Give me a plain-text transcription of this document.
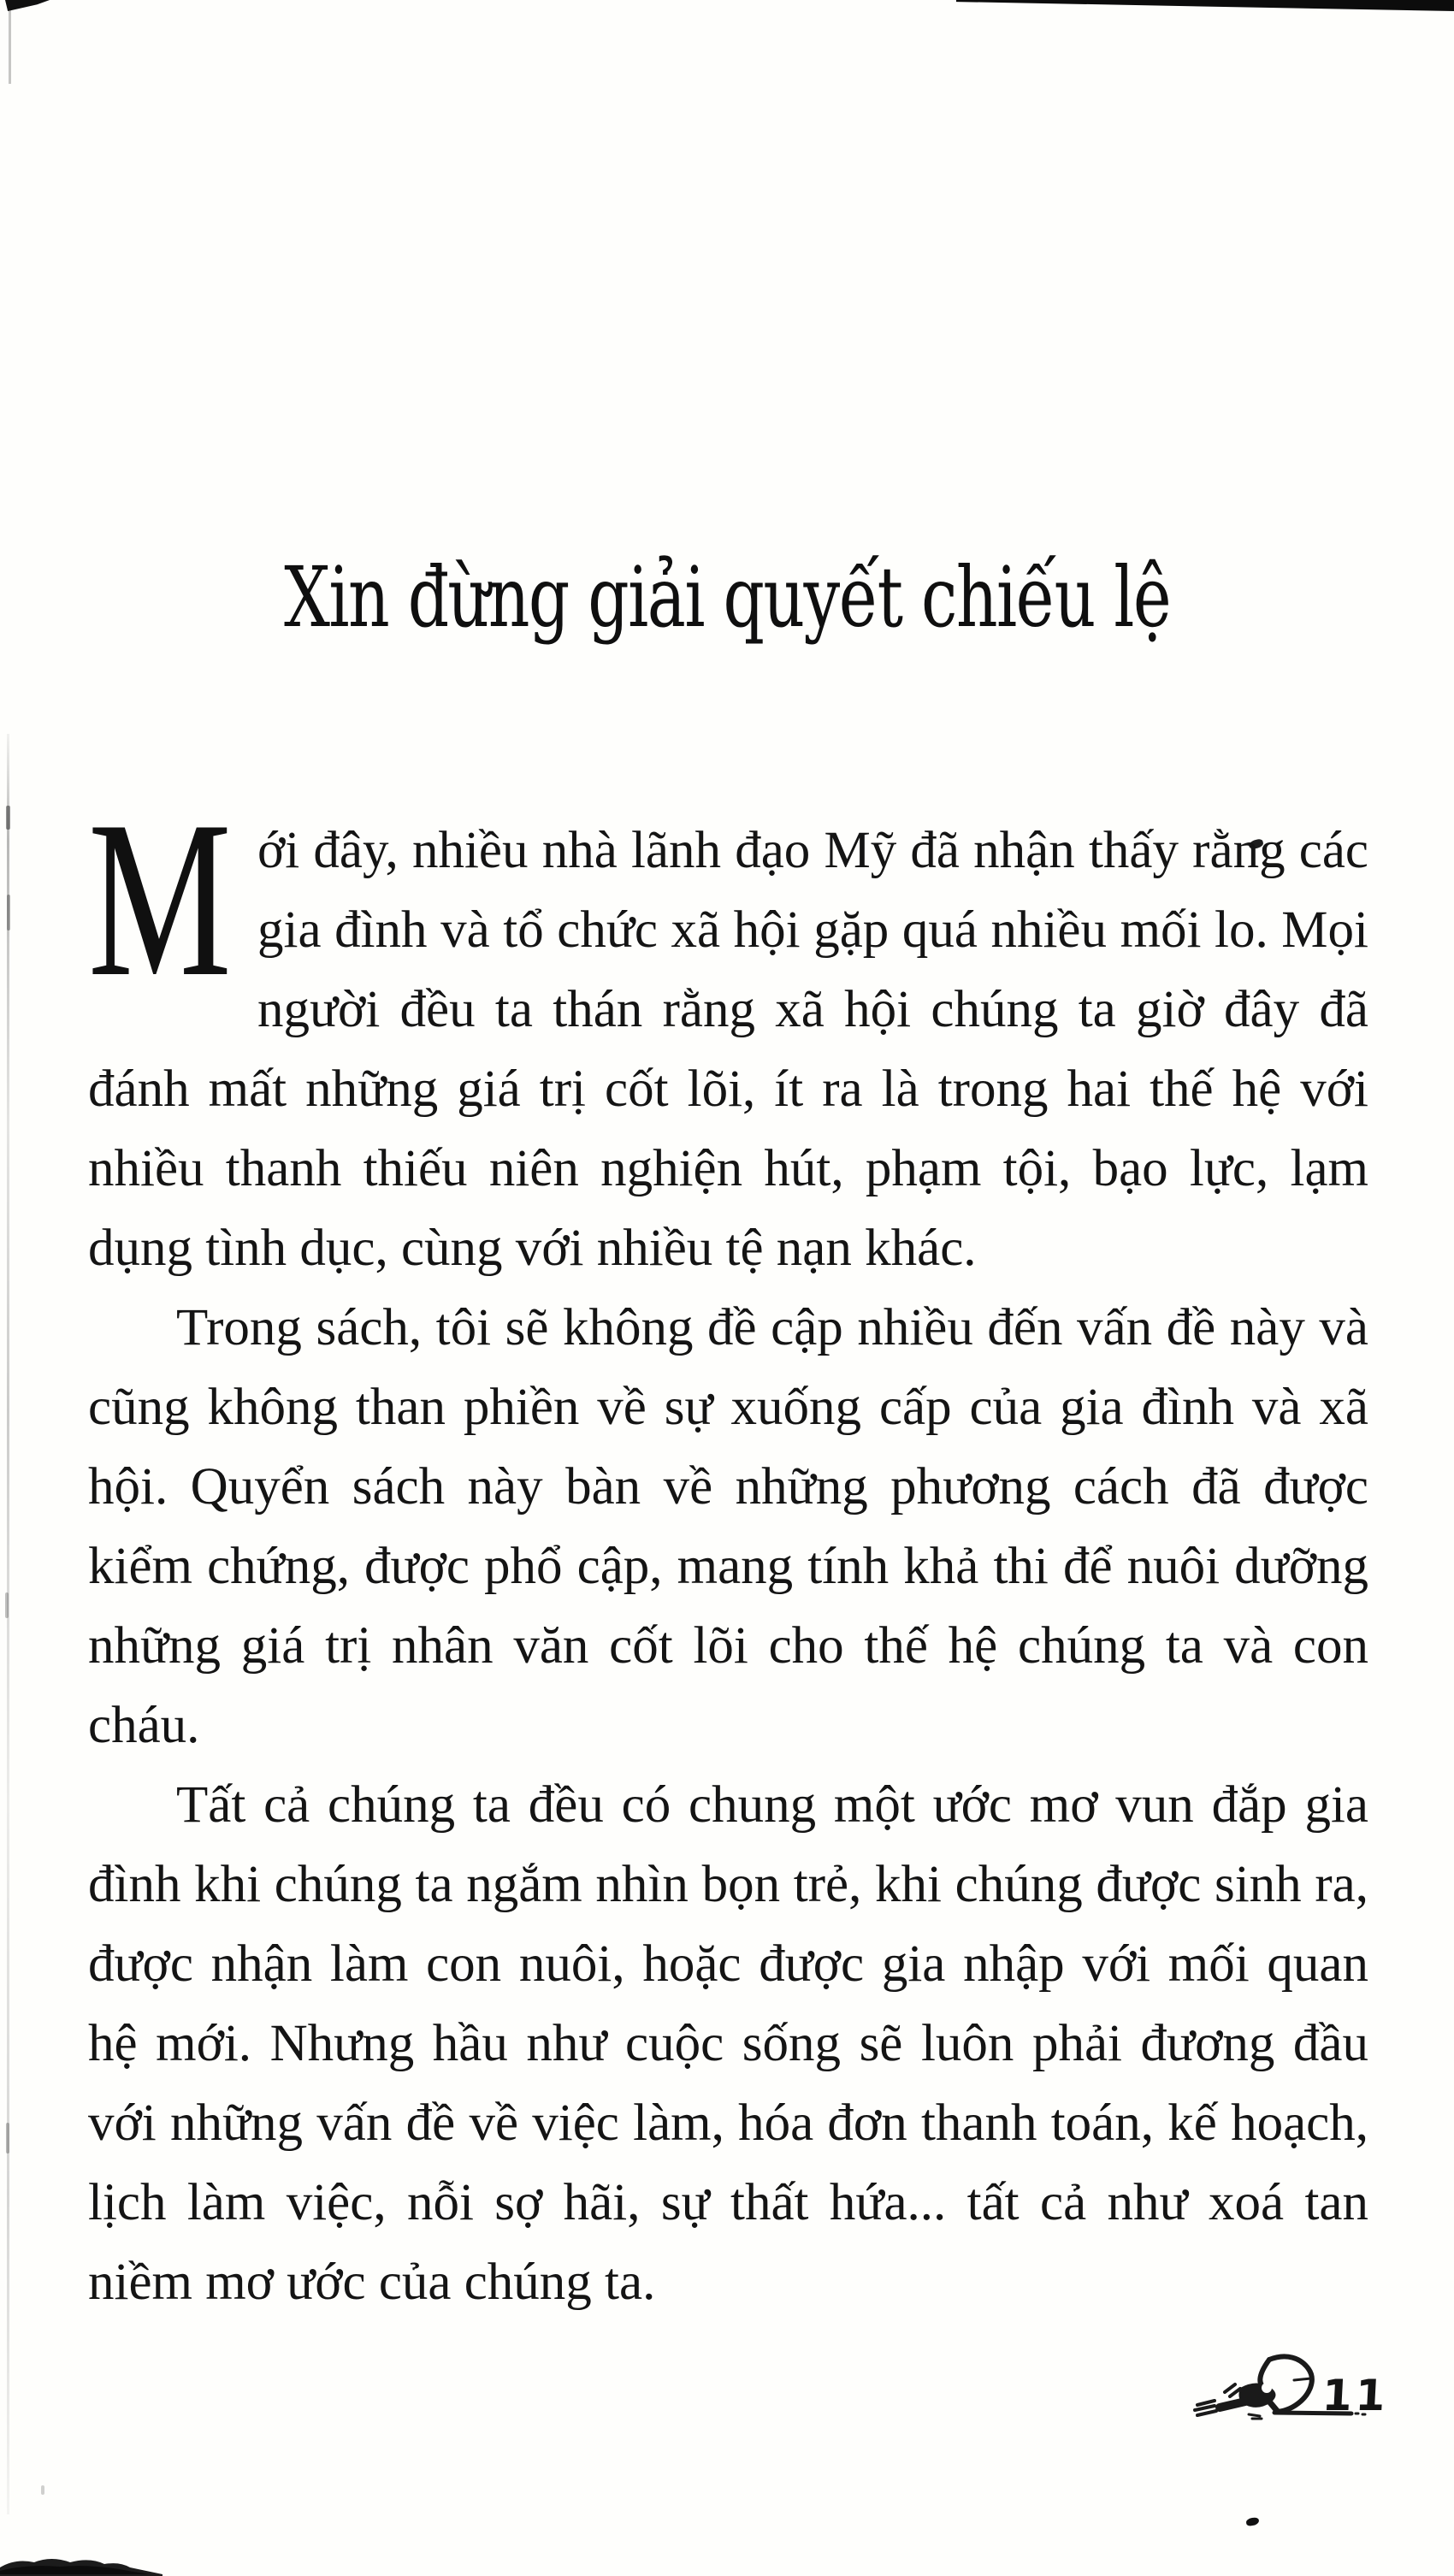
Xin đừng giải quyết chiếu lệ
M ới đây, nhiều nhà lãnh đạo Mỹ đã nhận thấy rằng các gia đình và tổ chức xã hội gặp quá nhiều mối lo. Mọi người đều ta thán rằng xã hội chúng ta giờ đây đã đánh mất những giá trị cốt lõi, ít ra là trong hai thế hệ với nhiều thanh thiếu niên nghiện hút, phạm tội, bạo lực, lạm dụng tình dục, cùng với nhiều tệ nạn khác.

Trong sách, tôi sẽ không đề cập nhiều đến vấn đề này và cũng không than phiền về sự xuống cấp của gia đình và xã hội. Quyển sách này bàn về những phương cách đã được kiểm chứng, được phổ cập, mang tính khả thi để nuôi dưỡng những giá trị nhân văn cốt lõi cho thế hệ chúng ta và con cháu.

Tất cả chúng ta đều có chung một ước mơ vun đắp gia đình khi chúng ta ngắm nhìn bọn trẻ, khi chúng được sinh ra, được nhận làm con nuôi, hoặc được gia nhập với mối quan hệ mới. Nhưng hầu như cuộc sống sẽ luôn phải đương đầu với những vấn đề về việc làm, hóa đơn thanh toán, kế hoạch, lịch làm việc, nỗi sợ hãi, sự thất hứa... tất cả như xoá tan niềm mơ ước của chúng ta.

11
